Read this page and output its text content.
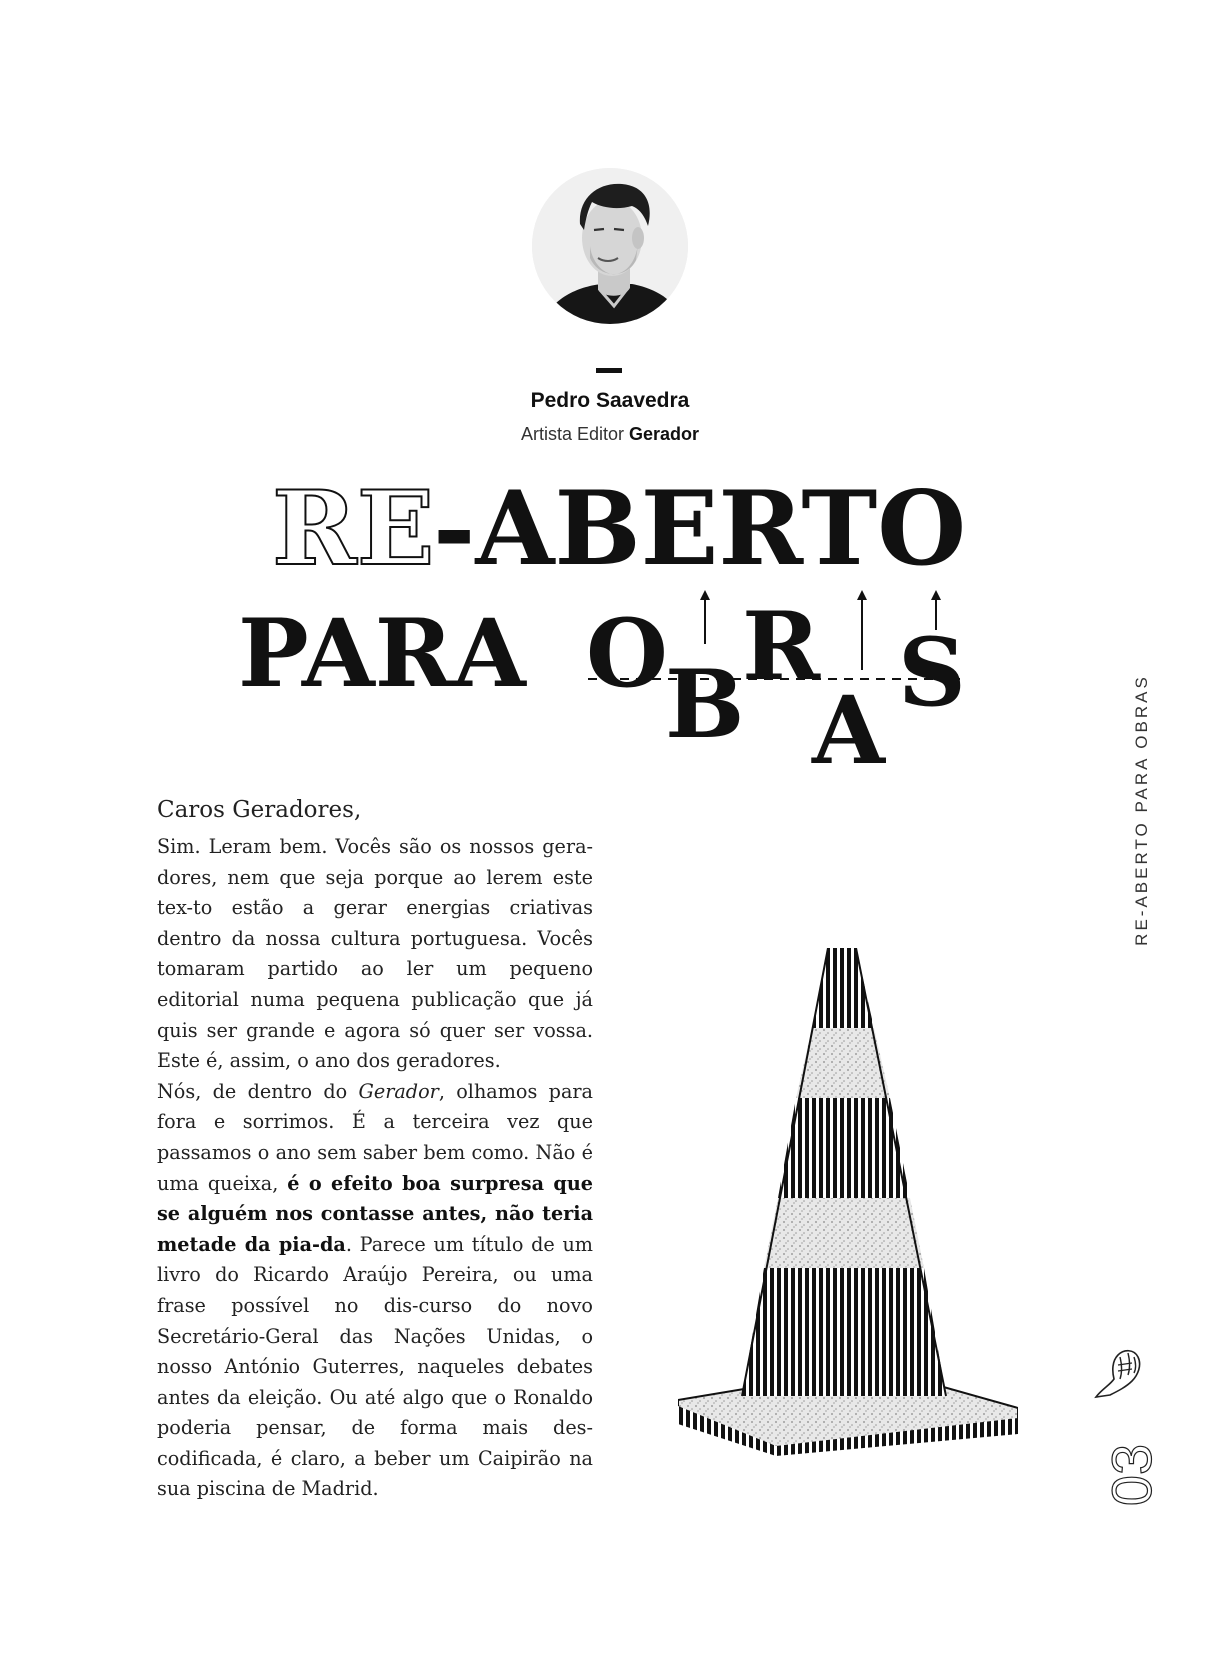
Pedro Saavedra
Artista Editor Gerador
RE
-ABERTO
PARA O
B
R
A
S
Caros Geradores,

Sim. Leram bem. Vocês são os nossos gera-dores, nem que seja porque ao lerem este tex-to estão a gerar energias criativas dentro da nossa cultura portuguesa. Vocês tomaram partido ao ler um pequeno editorial numa pequena publicação que já quis ser grande e agora só quer ser vossa. Este é, assim, o ano dos geradores.

Nós, de dentro do Gerador, olhamos para fora e sorrimos. É a terceira vez que passamos o ano sem saber bem como. Não é uma queixa, é o efeito boa surpresa que se alguém nos contasse antes, não teria metade da pia-da. Parece um título de um livro do Ricardo Araújo Pereira, ou uma frase possível no dis-curso do novo Secretário-Geral das Nações Unidas, o nosso António Guterres, naqueles debates antes da eleição. Ou até algo que o Ronaldo poderia pensar, de forma mais des-codificada, é claro, a beber um Caipirão na sua piscina de Madrid.

RE-ABERTO PARA OBRAS
03
